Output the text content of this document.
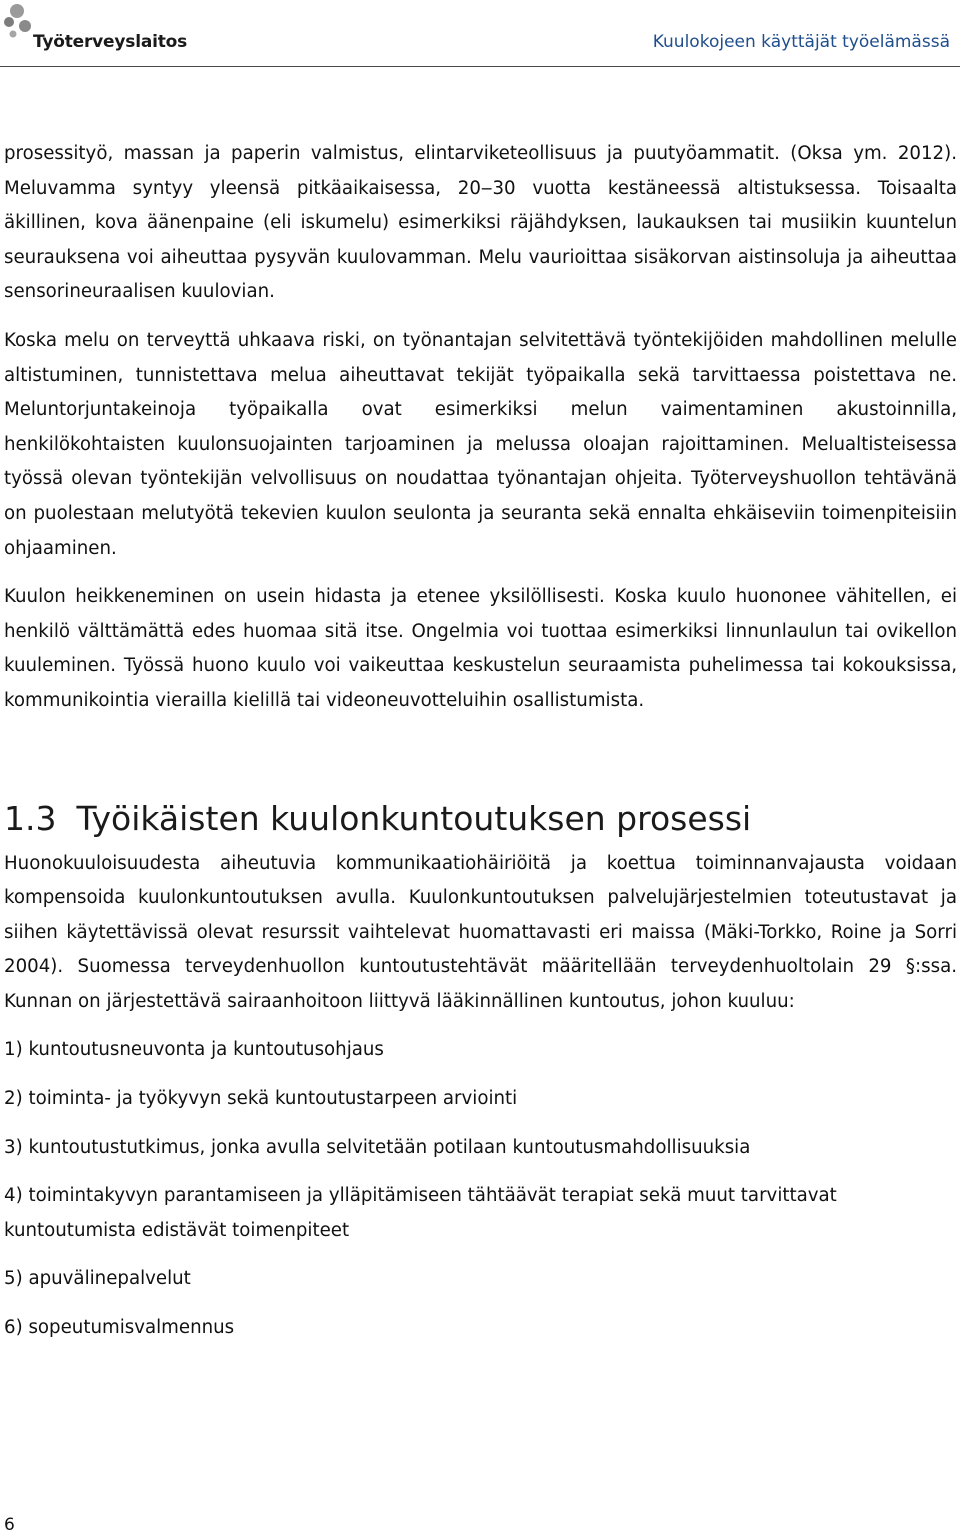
Työterveyslaitos	Kuulokojeen käyttäjät työelämässä

prosessityö, massan ja paperin valmistus, elintarviketeollisuus ja puutyöammatit. (Oksa ym. 2012). Meluvamma syntyy yleensä pitkäaikaisessa, 20‒30 vuotta kestäneessä altistuksessa. Toisaalta äkillinen, kova äänenpaine (eli iskumelu) esimerkiksi räjähdyksen, laukauksen tai musiikin kuuntelun seurauksena voi aiheuttaa pysyvän kuulovamman. Melu vaurioittaa sisäkorvan aistinsoluja ja aiheuttaa sensorineuraalisen kuulovian.

Koska melu on terveyttä uhkaava riski, on työnantajan selvitettävä työntekijöiden mahdollinen melulle altistuminen, tunnistettava melua aiheuttavat tekijät työpaikalla sekä tarvittaessa poistettava ne. Meluntorjuntakeinoja työpaikalla ovat esimerkiksi melun vaimentaminen akustoinnilla, henkilökohtaisten kuulonsuojainten tarjoaminen ja melussa oloajan rajoittaminen. Melualtisteisessa työssä olevan työntekijän velvollisuus on noudattaa työnantajan ohjeita. Työterveyshuollon tehtävänä on puolestaan melutyötä tekevien kuulon seulonta ja seuranta sekä ennalta ehkäiseviin toimenpiteisiin ohjaaminen.

Kuulon heikkeneminen on usein hidasta ja etenee yksilöllisesti. Koska kuulo huononee vähitellen, ei henkilö välttämättä edes huomaa sitä itse. Ongelmia voi tuottaa esimerkiksi linnunlaulun tai ovikellon kuuleminen. Työssä huono kuulo voi vaikeuttaa keskustelun seuraamista puhelimessa tai kokouksissa, kommunikointia vierailla kielillä tai videoneuvotteluihin osallistumista.

1.3 Työikäisten kuulonkuntoutuksen prosessi

Huonokuuloisuudesta aiheutuvia kommunikaatiohäiriöitä ja koettua toiminnanvajausta voidaan kompensoida kuulonkuntoutuksen avulla. Kuulonkuntoutuksen palvelujärjestelmien toteutustavat ja siihen käytettävissä olevat resurssit vaihtelevat huomattavasti eri maissa (Mäki-Torkko, Roine ja Sorri 2004). Suomessa terveydenhuollon kuntoutustehtävät määritellään terveydenhuoltolain 29 §:ssa. Kunnan on järjestettävä sairaanhoitoon liittyvä lääkinnällinen kuntoutus, johon kuuluu:

1) kuntoutusneuvonta ja kuntoutusohjaus
2) toiminta- ja työkyvyn sekä kuntoutustarpeen arviointi
3) kuntoutustutkimus, jonka avulla selvitetään potilaan kuntoutusmahdollisuuksia
4) toimintakyvyn parantamiseen ja ylläpitämiseen tähtäävät terapiat sekä muut tarvittavat kuntoutumista edistävät toimenpiteet
5) apuvälinepalvelut
6) sopeutumisvalmennus
6
